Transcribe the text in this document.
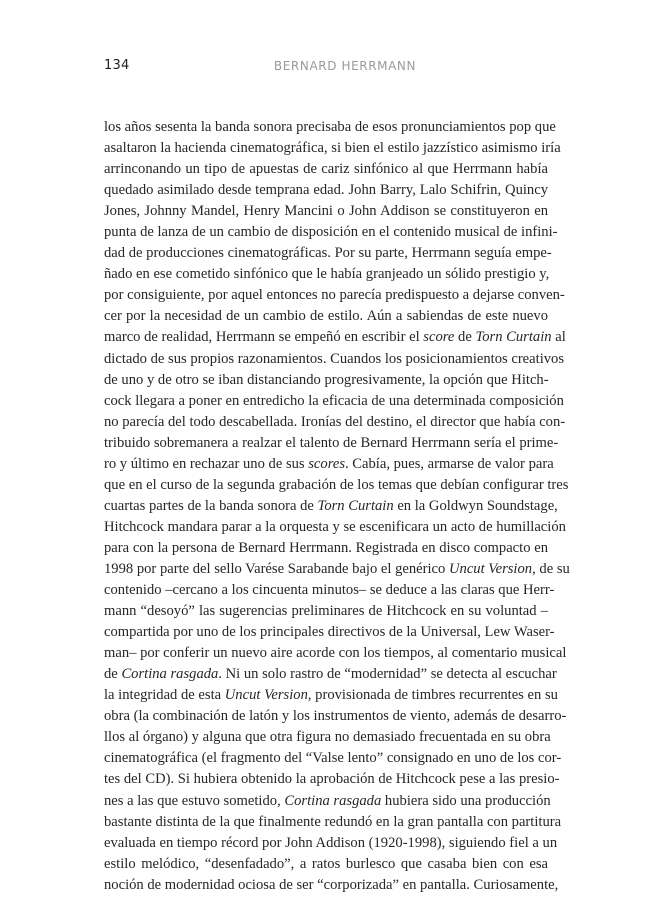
134	BERNARD HERRMANN
los años sesenta la banda sonora precisaba de esos pronunciamientos pop que
asaltaron la hacienda cinematográfica, si bien el estilo jazzístico asimismo iría
arrinconando un tipo de apuestas de cariz sinfónico al que Herrmann había
quedado asimilado desde temprana edad. John Barry, Lalo Schifrin, Quincy
Jones, Johnny Mandel, Henry Mancini o John Addison se constituyeron en
punta de lanza de un cambio de disposición en el contenido musical de infini-
dad de producciones cinematográficas. Por su parte, Herrmann seguía empe-
ñado en ese cometido sinfónico que le había granjeado un sólido prestigio y,
por consiguiente, por aquel entonces no parecía predispuesto a dejarse conven-
cer por la necesidad de un cambio de estilo. Aún a sabiendas de este nuevo
marco de realidad, Herrmann se empeñó en escribir el score de Torn Curtain al
dictado de sus propios razonamientos. Cuandos los posicionamientos creativos
de uno y de otro se iban distanciando progresivamente, la opción que Hitch-
cock llegara a poner en entredicho la eficacia de una determinada composición
no parecía del todo descabellada. Ironías del destino, el director que había con-
tribuido sobremanera a realzar el talento de Bernard Herrmann sería el prime-
ro y último en rechazar uno de sus scores. Cabía, pues, armarse de valor para
que en el curso de la segunda grabación de los temas que debían configurar tres
cuartas partes de la banda sonora de Torn Curtain en la Goldwyn Soundstage,
Hitchcock mandara parar a la orquesta y se escenificara un acto de humillación
para con la persona de Bernard Herrmann. Registrada en disco compacto en
1998 por parte del sello Varése Sarabande bajo el genérico Uncut Version, de su
contenido –cercano a los cincuenta minutos– se deduce a las claras que Herr-
mann “desoyó” las sugerencias preliminares de Hitchcock en su voluntad –
compartida por uno de los principales directivos de la Universal, Lew Waser-
man– por conferir un nuevo aire acorde con los tiempos, al comentario musical
de Cortina rasgada. Ni un solo rastro de “modernidad” se detecta al escuchar
la integridad de esta Uncut Version, provisionada de timbres recurrentes en su
obra (la combinación de latón y los instrumentos de viento, además de desarro-
llos al órgano) y alguna que otra figura no demasiado frecuentada en su obra
cinematográfica (el fragmento del “Valse lento” consignado en uno de los cor-
tes del CD). Si hubiera obtenido la aprobación de Hitchcock pese a las presio-
nes a las que estuvo sometido, Cortina rasgada hubiera sido una producción
bastante distinta de la que finalmente redundó en la gran pantalla con partitura
evaluada en tiempo récord por John Addison (1920-1998), siguiendo fiel a un
estilo melódico, “desenfadado”, a ratos burlesco que casaba bien con esa
noción de modernidad ociosa de ser “corporizada” en pantalla. Curiosamente,
